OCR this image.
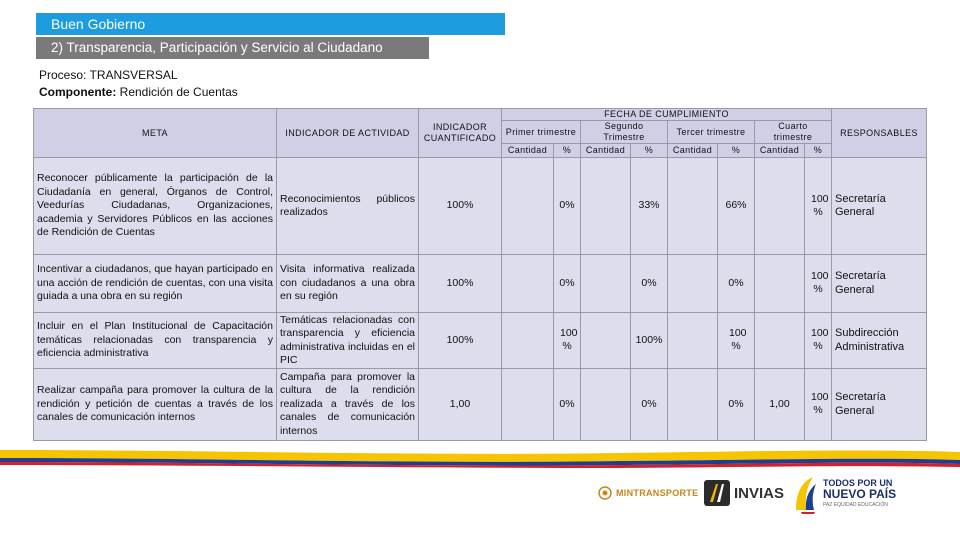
Buen Gobierno
2) Transparencia, Participación y Servicio al Ciudadano
Proceso: TRANSVERSAL
Componente: Rendición de Cuentas
META	INDICADOR DE ACTIVIDAD	INDICADOR CUANTIFICADO	FECHA DE CUMPLIMIENTO								RESPONSABLES
			Primer trimestre		Segundo Trimestre		Tercer trimestre		Cuarto trimestre		
			Cantidad	%	Cantidad	%	Cantidad	%	Cantidad	%	
Reconocer públicamente la participación de la Ciudadanía en general, Órganos de Control, Veedurías Ciudadanas, Organizaciones, academia y Servidores Públicos en las acciones de Rendición de Cuentas	Reconocimientos públicos realizados	100%		0%		33%		66%		100 %	Secretaría General
Incentivar a ciudadanos, que hayan participado en una acción de rendición de cuentas, con una visita guiada a una obra en su región	Visita informativa realizada con ciudadanos a una obra en su región	100%		0%		0%		0%		100 %	Secretaría General
Incluir en el Plan Institucional de Capacitación temáticas relacionadas con transparencia y eficiencia administrativa	Temáticas relacionadas con transparencia y eficiencia administrativa incluidas en el PIC	100%		100 %		100%		100 %		100 %	Subdirección Administrativa
Realizar campaña para promover la cultura de la rendición y petición de cuentas a través de los canales de comunicación internos	Campaña para promover la cultura de la rendición realizada a través de los canales de comunicación internos	1,00		0%		0%		0%	1,00	100 %	Secretaría General
MINTRANSPORTE INVIAS
TODOS POR UN
NUEVO PAÍS
PAZ EQUIDAD EDUCACIÓN
